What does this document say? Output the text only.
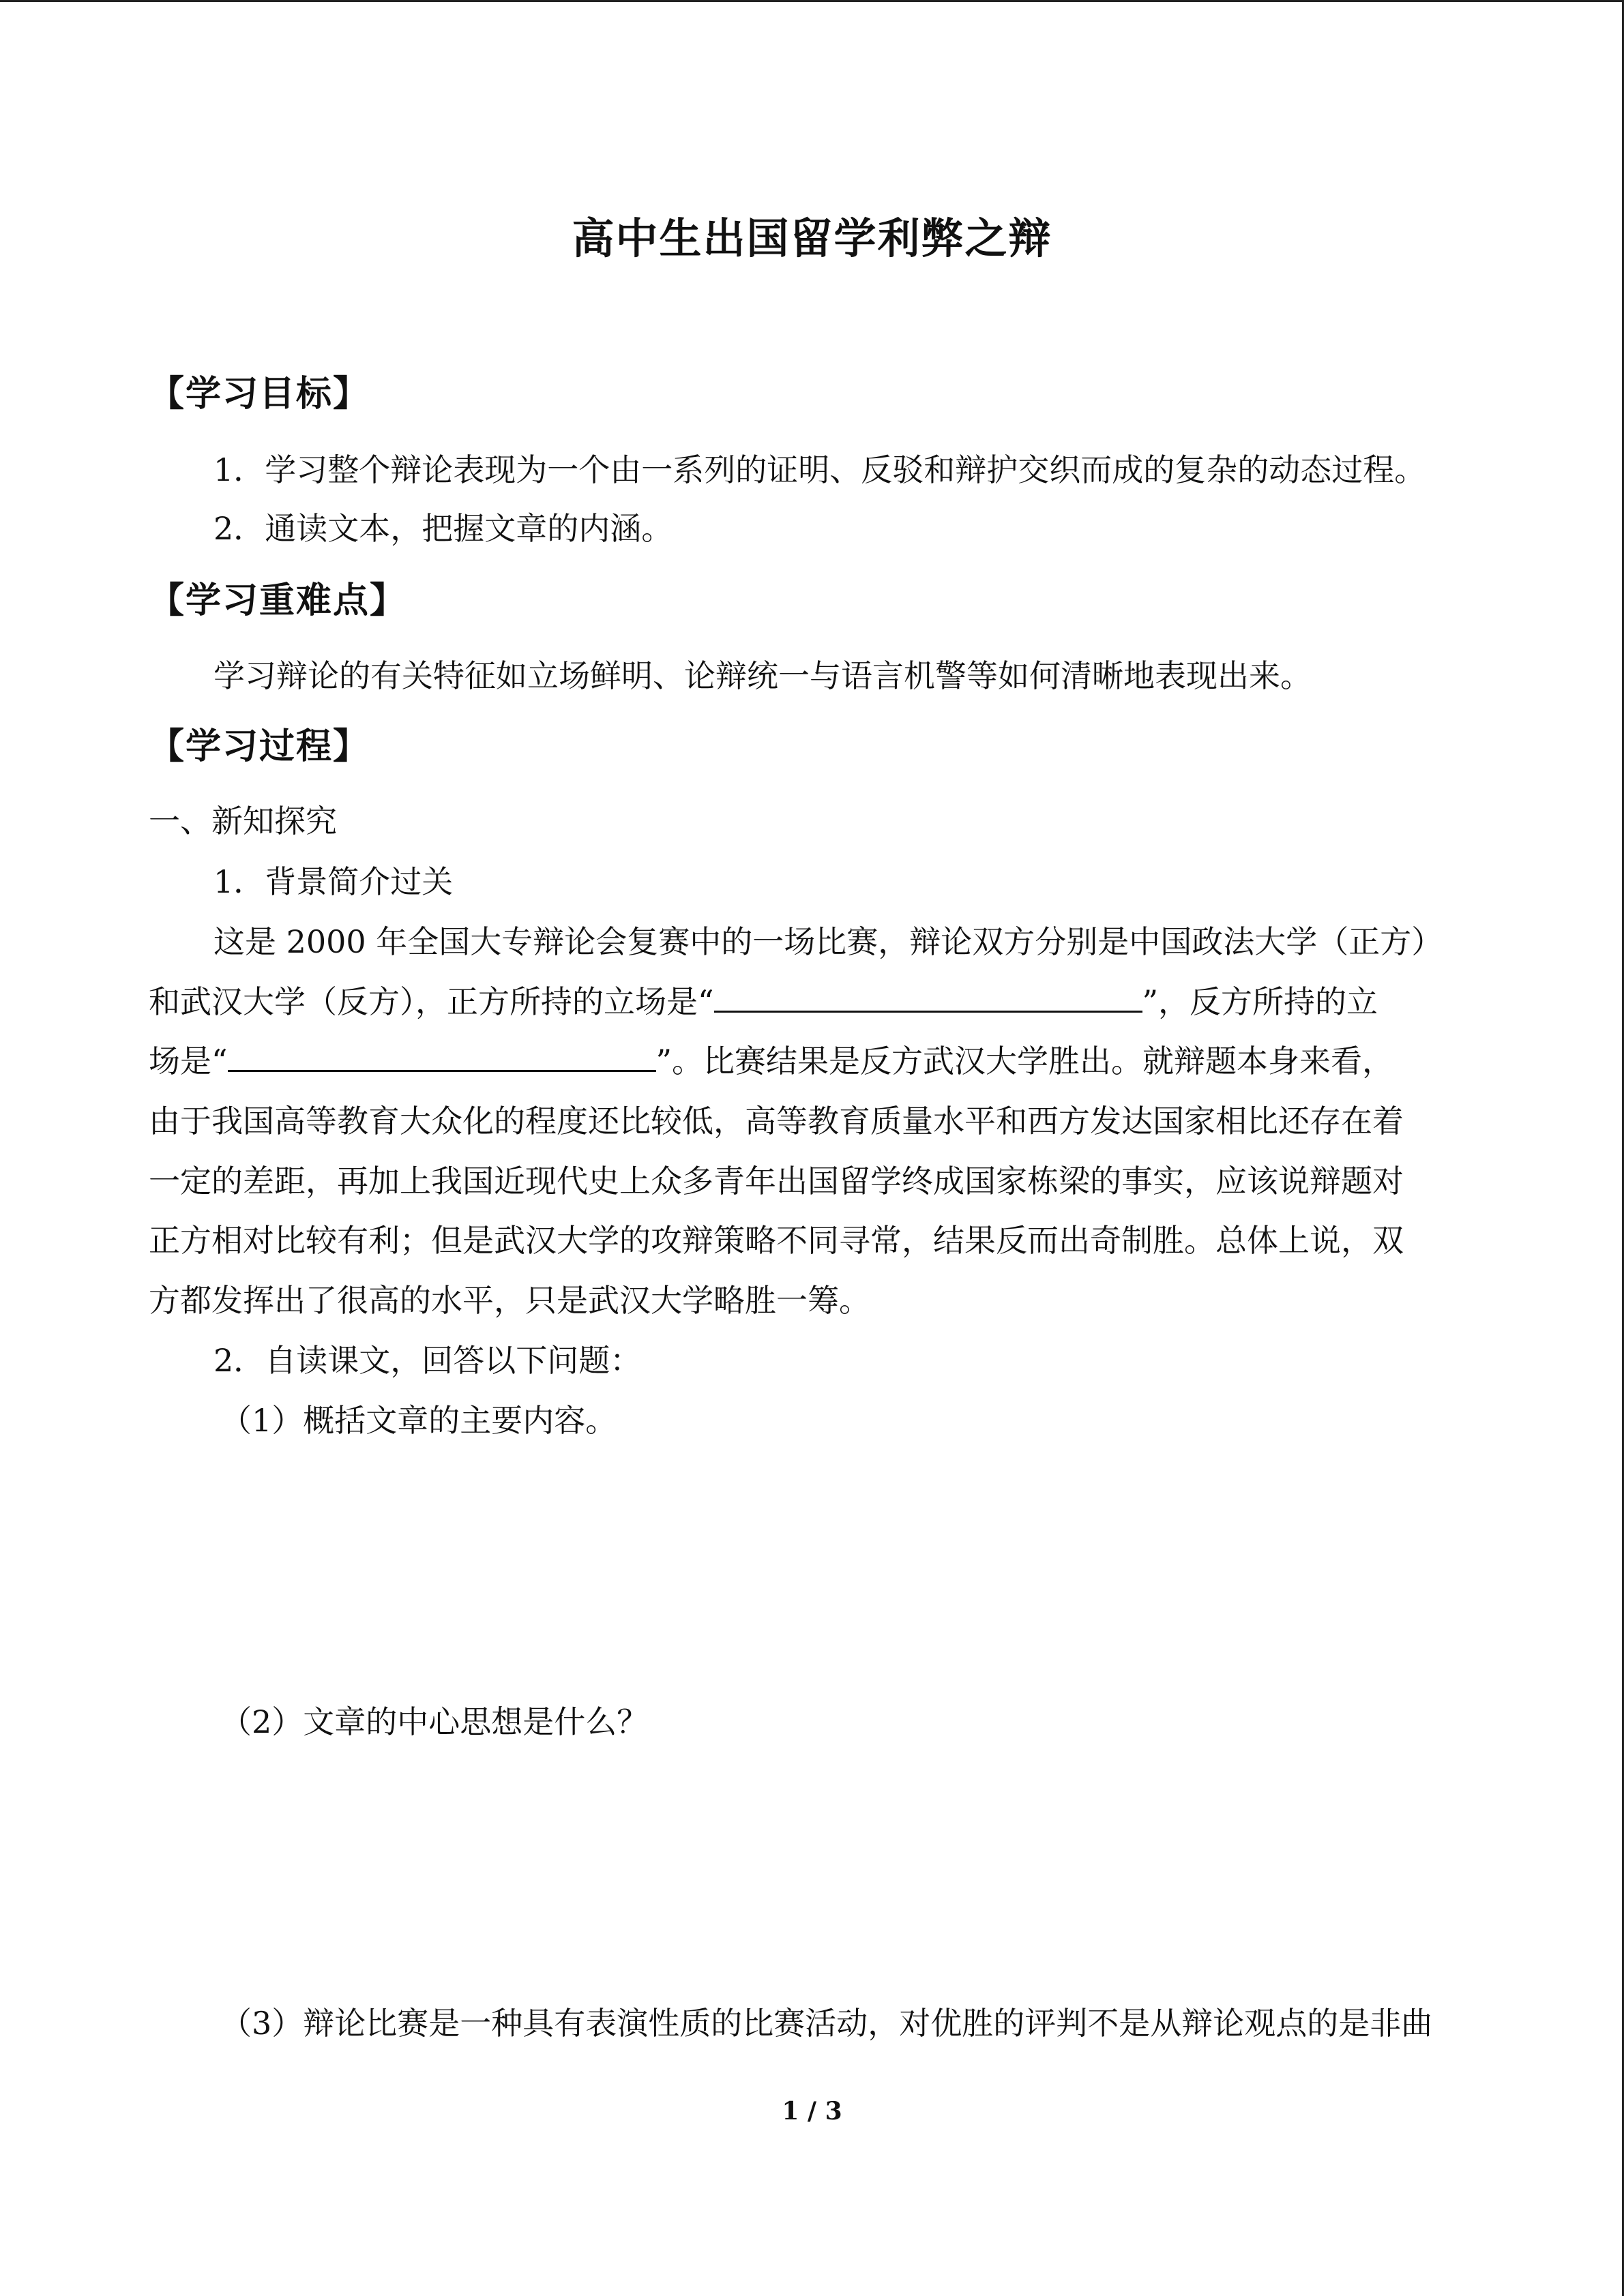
高中生出国留学利弊之辩
【学习目标】
1．学习整个辩论表现为一个由一系列的证明、反驳和辩护交织而成的复杂的动态过程。
2．通读文本，把握文章的内涵。
【学习重难点】
学习辩论的有关特征如立场鲜明、论辩统一与语言机警等如何清晰地表现出来。
【学习过程】
一、新知探究
1．背景简介过关
这是 2000 年全国大专辩论会复赛中的一场比赛，辩论双方分别是中国政法大学（正方）
和武汉大学（反方），正方所持的立场是“	”，反方所持的立
场是“	”。比赛结果是反方武汉大学胜出。就辩题本身来看，
由于我国高等教育大众化的程度还比较低，高等教育质量水平和西方发达国家相比还存在着
一定的差距，再加上我国近现代史上众多青年出国留学终成国家栋梁的事实，应该说辩题对
正方相对比较有利；但是武汉大学的攻辩策略不同寻常，结果反而出奇制胜。总体上说，双
方都发挥出了很高的水平，只是武汉大学略胜一筹。
2．自读课文，回答以下问题：
（1）概括文章的主要内容。
（2）文章的中心思想是什么？
（3）辩论比赛是一种具有表演性质的比赛活动，对优胜的评判不是从辩论观点的是非曲
1 / 3
